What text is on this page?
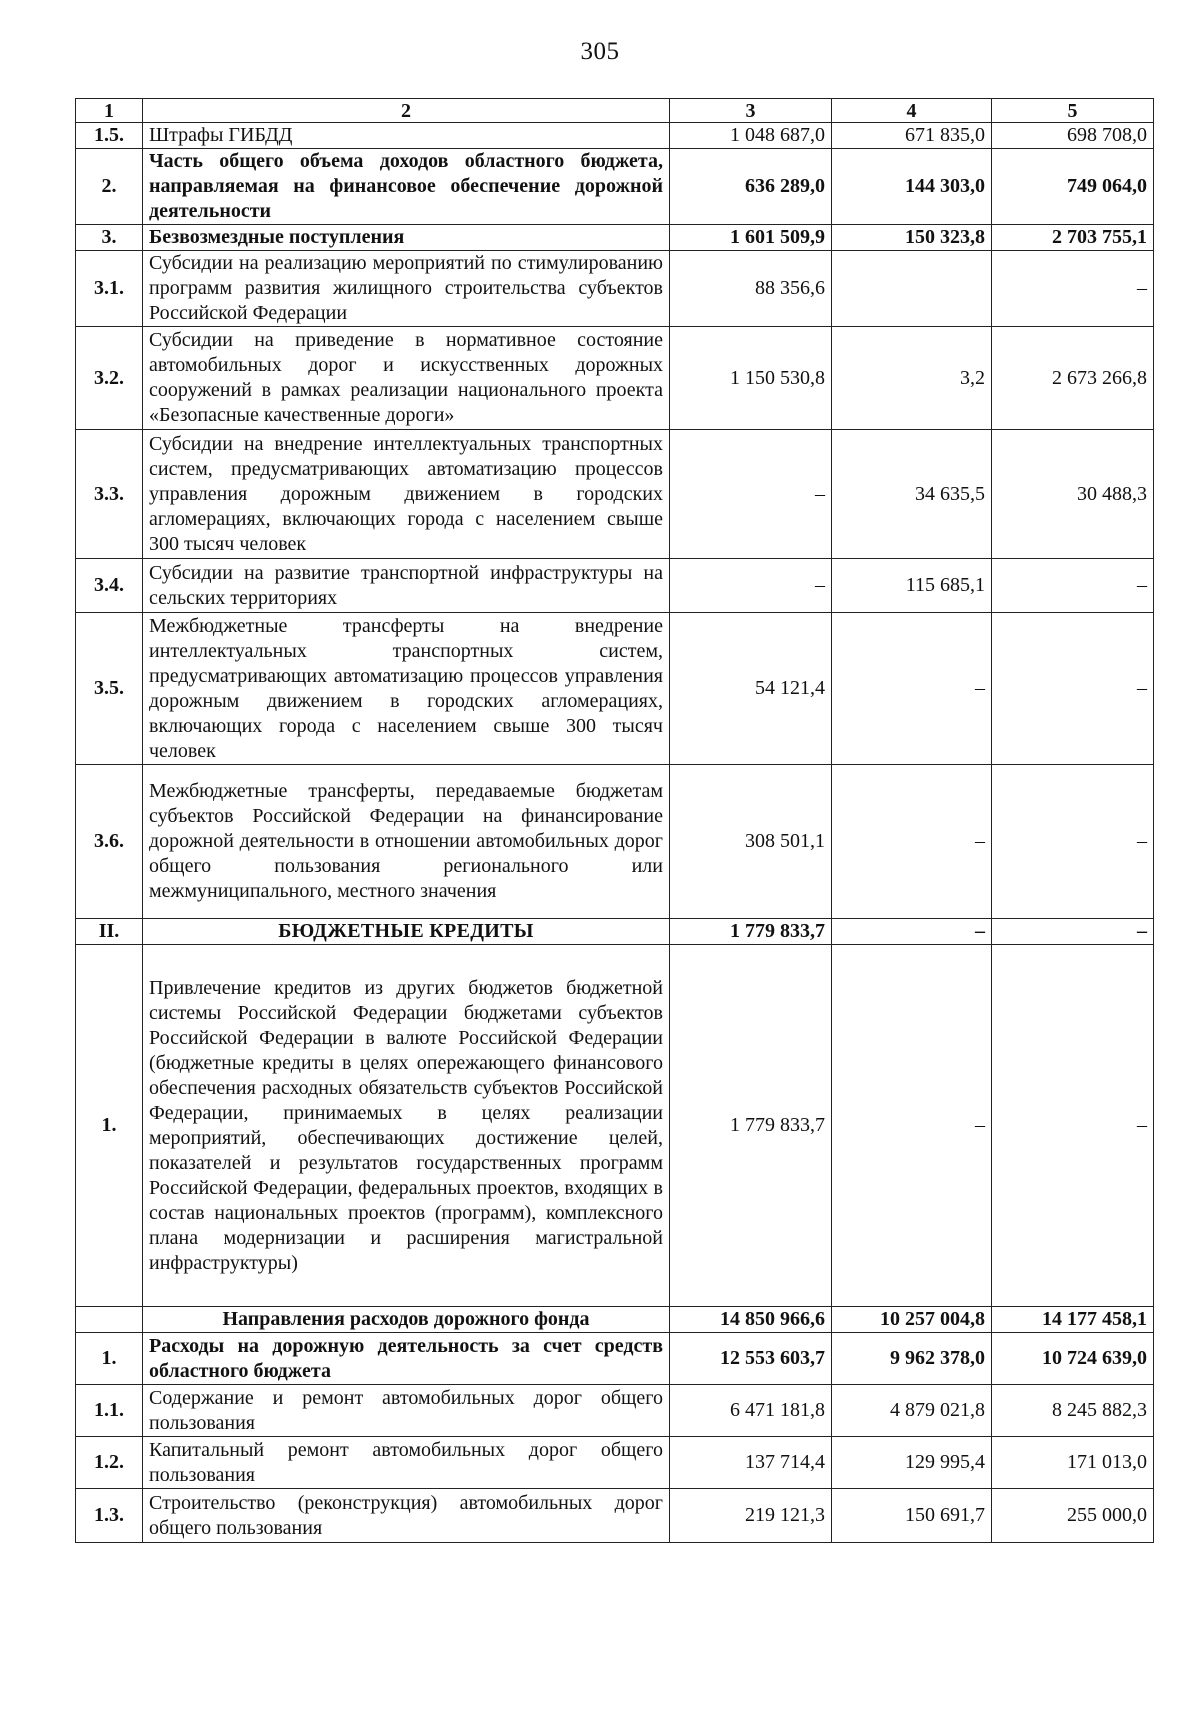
305
1	2	3	4	5
1.5.	Штрафы ГИБДД	1 048 687,0	671 835,0	698 708,0
2.	Часть общего объема доходов областного бюджета, направляемая на финансовое обеспечение дорожной деятельности	636 289,0	144 303,0	749 064,0
3.	Безвозмездные поступления	1 601 509,9	150 323,8	2 703 755,1
3.1.	Субсидии на реализацию мероприятий по стимулированию программ развития жилищного строительства субъектов Российской Федерации	88 356,6		–
3.2.	Субсидии на приведение в нормативное состояние автомобильных дорог и искусственных дорожных сооружений в рамках реализации национального проекта «Безопасные качественные дороги»	1 150 530,8	3,2	2 673 266,8
3.3.	Субсидии на внедрение интеллектуальных транспортных систем, предусматривающих автоматизацию процессов управления дорожным движением в городских агломерациях, включающих города с населением свыше 300 тысяч человек	–	34 635,5	30 488,3
3.4.	Субсидии на развитие транспортной инфраструктуры на сельских территориях	–	115 685,1	–
3.5.	Межбюджетные трансферты на внедрение интеллектуальных транспортных систем, предусматривающих автоматизацию процессов управления дорожным движением в городских агломерациях, включающих города с населением свыше 300 тысяч человек	54 121,4	–	–
3.6.	Межбюджетные трансферты, передаваемые бюджетам субъектов Российской Федерации на финансирование дорожной деятельности в отношении автомобильных дорог общего пользования регионального или межмуниципального, местного значения	308 501,1	–	–
II.	БЮДЖЕТНЫЕ КРЕДИТЫ	1 779 833,7	–	–
1.	Привлечение кредитов из других бюджетов бюджетной системы Российской Федерации бюджетами субъектов Российской Федерации в валюте Российской Федерации (бюджетные кредиты в целях опережающего финансового обеспечения расходных обязательств субъектов Российской Федерации, принимаемых в целях реализации мероприятий, обеспечивающих достижение целей, показателей и результатов государственных программ Российской Федерации, федеральных проектов, входящих в состав национальных проектов (программ), комплексного плана модернизации и расширения магистральной инфраструктуры)	1 779 833,7	–	–
	Направления расходов дорожного фонда	14 850 966,6	10 257 004,8	14 177 458,1
1.	Расходы на дорожную деятельность за счет средств областного бюджета	12 553 603,7	9 962 378,0	10 724 639,0
1.1.	Содержание и ремонт автомобильных дорог общего пользования	6 471 181,8	4 879 021,8	8 245 882,3
1.2.	Капитальный ремонт автомобильных дорог общего пользования	137 714,4	129 995,4	171 013,0
1.3.	Строительство (реконструкция) автомобильных дорог общего пользования	219 121,3	150 691,7	255 000,0
